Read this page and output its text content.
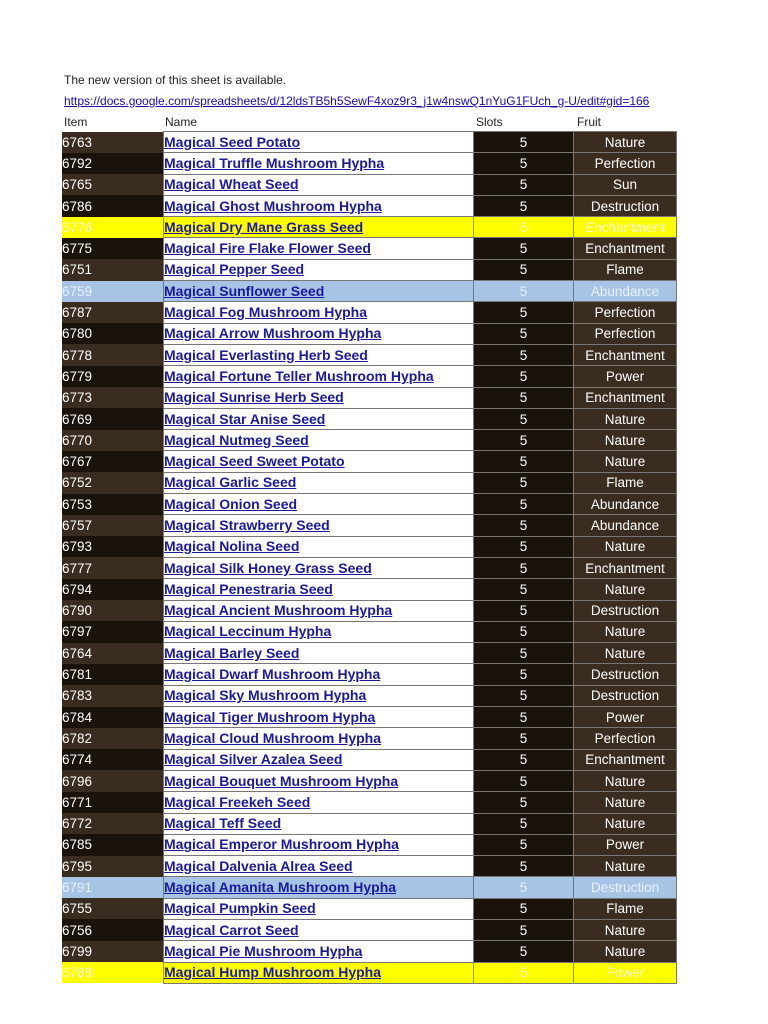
The new version of this sheet is available.
https://docs.google.com/spreadsheets/d/12ldsTB5h5SewF4xoz9r3_j1w4nswQ1nYuG1FUch_g-U/edit#gid=166
Item	Name	Slots	Fruit
6763	Magical Seed Potato	5	Nature
6792	Magical Truffle Mushroom Hypha	5	Perfection
6765	Magical Wheat Seed	5	Sun
6786	Magical Ghost Mushroom Hypha	5	Destruction
6776	Magical Dry Mane Grass Seed	5	Enchantment
6775	Magical Fire Flake Flower Seed	5	Enchantment
6751	Magical Pepper Seed	5	Flame
6759	Magical Sunflower Seed	5	Abundance
6787	Magical Fog Mushroom Hypha	5	Perfection
6780	Magical Arrow Mushroom Hypha	5	Perfection
6778	Magical Everlasting Herb Seed	5	Enchantment
6779	Magical Fortune Teller Mushroom Hypha	5	Power
6773	Magical Sunrise Herb Seed	5	Enchantment
6769	Magical Star Anise Seed	5	Nature
6770	Magical Nutmeg Seed	5	Nature
6767	Magical Seed Sweet Potato	5	Nature
6752	Magical Garlic Seed	5	Flame
6753	Magical Onion Seed	5	Abundance
6757	Magical Strawberry Seed	5	Abundance
6793	Magical Nolina Seed	5	Nature
6777	Magical Silk Honey Grass Seed	5	Enchantment
6794	Magical Penestraria Seed	5	Nature
6790	Magical Ancient Mushroom Hypha	5	Destruction
6797	Magical Leccinum Hypha	5	Nature
6764	Magical Barley Seed	5	Nature
6781	Magical Dwarf Mushroom Hypha	5	Destruction
6783	Magical Sky Mushroom Hypha	5	Destruction
6784	Magical Tiger Mushroom Hypha	5	Power
6782	Magical Cloud Mushroom Hypha	5	Perfection
6774	Magical Silver Azalea Seed	5	Enchantment
6796	Magical Bouquet Mushroom Hypha	5	Nature
6771	Magical Freekeh Seed	5	Nature
6772	Magical Teff Seed	5	Nature
6785	Magical Emperor Mushroom Hypha	5	Power
6795	Magical Dalvenia Alrea Seed	5	Nature
6791	Magical Amanita Mushroom Hypha	5	Destruction
6755	Magical Pumpkin Seed	5	Flame
6756	Magical Carrot Seed	5	Nature
6799	Magical Pie Mushroom Hypha	5	Nature
6788	Magical Hump Mushroom Hypha	5	Power
